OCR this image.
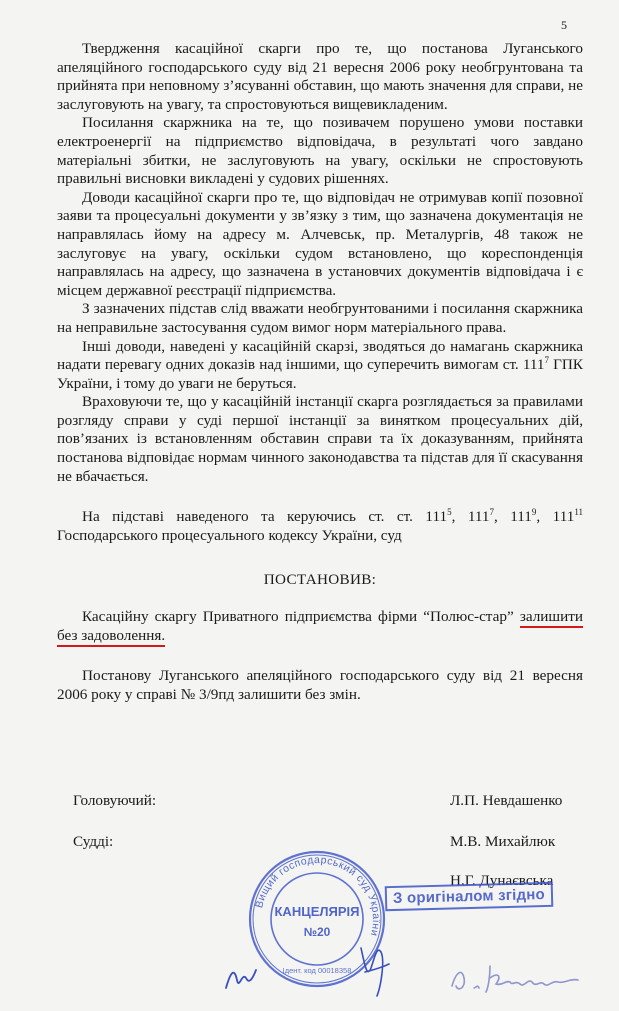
5

Твердження касаційної скарги про те, що постанова Луганського апеляційного господарського суду від 21 вересня 2006 року необгрунтована та прийнята при неповному з’ясуванні обставин, що мають значення для справи, не заслуговують на увагу, та спростовуються вищевикладеним.

Посилання скаржника на те, що позивачем порушено умови поставки електроенергії на підприємство відповідача, в результаті чого завдано матеріальні збитки, не заслуговують на увагу, оскільки не спростовують правильні висновки викладені у судових рішеннях.

Доводи касаційної скарги про те, що відповідач не отримував копії позовної заяви та процесуальні документи у зв’язку з тим, що зазначена документація не направлялась йому на адресу м. Алчевськ, пр. Металургів, 48 також не заслуговує на увагу, оскільки судом встановлено, що кореспонденція направлялась на адресу, що зазначена в установчих документів відповідача і є місцем державної реєстрації підприємства.

З зазначених підстав слід вважати необгрунтованими і посилання скаржника на неправильне застосування судом вимог норм матеріального права.

Інші доводи, наведені у касаційній скарзі, зводяться до намагань скаржника надати перевагу одних доказів над іншими, що суперечить вимогам ст. $111^7$ ГПК України, і тому до уваги не беруться.

Враховуючи те, що у касаційній інстанції скарга розглядається за правилами розгляду справи у суді першої інстанції за винятком процесуальних дій, пов’язаних із встановленням обставин справи та їх доказуванням, прийнята постанова відповідає нормам чинного законодавства та підстав для її скасування не вбачається.

На підставі наведеного та керуючись ст. ст. $111^5$, $111^7$, $111^9$, $111^{11}$ Господарського процесуального кодексу України, суд

ПОСТАНОВИВ:

Касаційну скаргу Приватного підприємства фірми “Полюс-стар” залишити без задоволення.

Постанову Луганського апеляційного господарського суду від 21 вересня 2006 року у справі № 3/9пд залишити без змін.

Головуючий:	Л.П. Невдашенко
Судді:	М.В. Михайлюк
Н.Г. Дунаєвська
Вищий господарський суд України
КАНЦЕЛЯРІЯ
№20
Ідент. код 00018358
З оригіналом згідно
